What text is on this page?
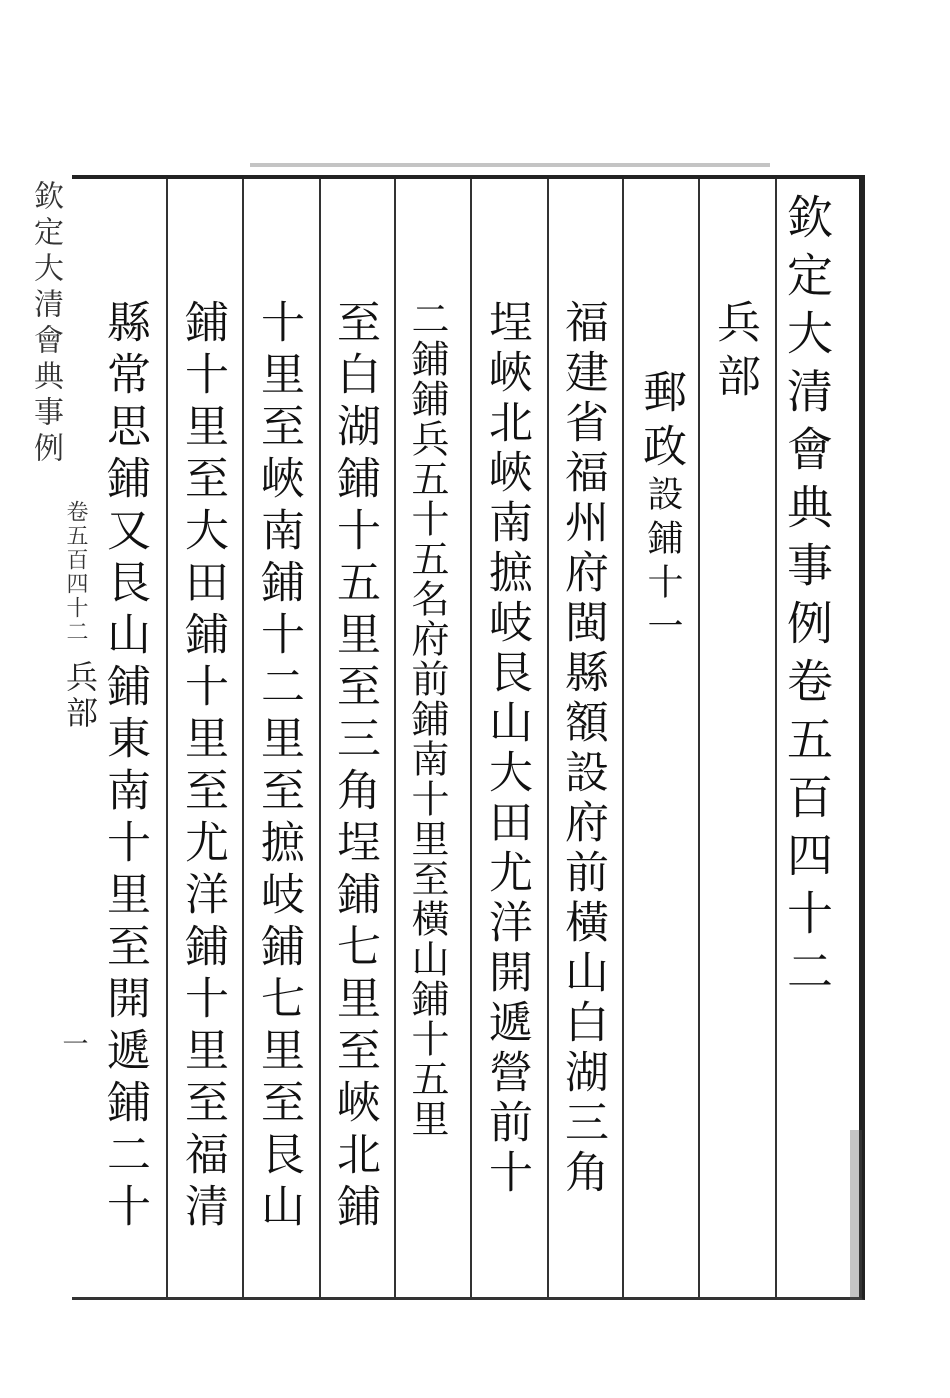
欽定大清會典事例卷五百四十二
兵部
郵政
設鋪十一
福建省福州府閩縣額設府前橫山白湖三角
埕峽北峽南摭岐艮山大田尤洋開遞營前十
二鋪鋪兵五十五名府前鋪南十里至橫山鋪十五里
至白湖鋪十五里至三角埕鋪七里至峽北鋪
十里至峽南鋪十二里至摭岐鋪七里至艮山
鋪十里至大田鋪十里至尤洋鋪十里至福清
縣常思鋪又艮山鋪東南十里至開遞鋪二十
欽定大清會典事例
卷五百四十二
兵部
一
